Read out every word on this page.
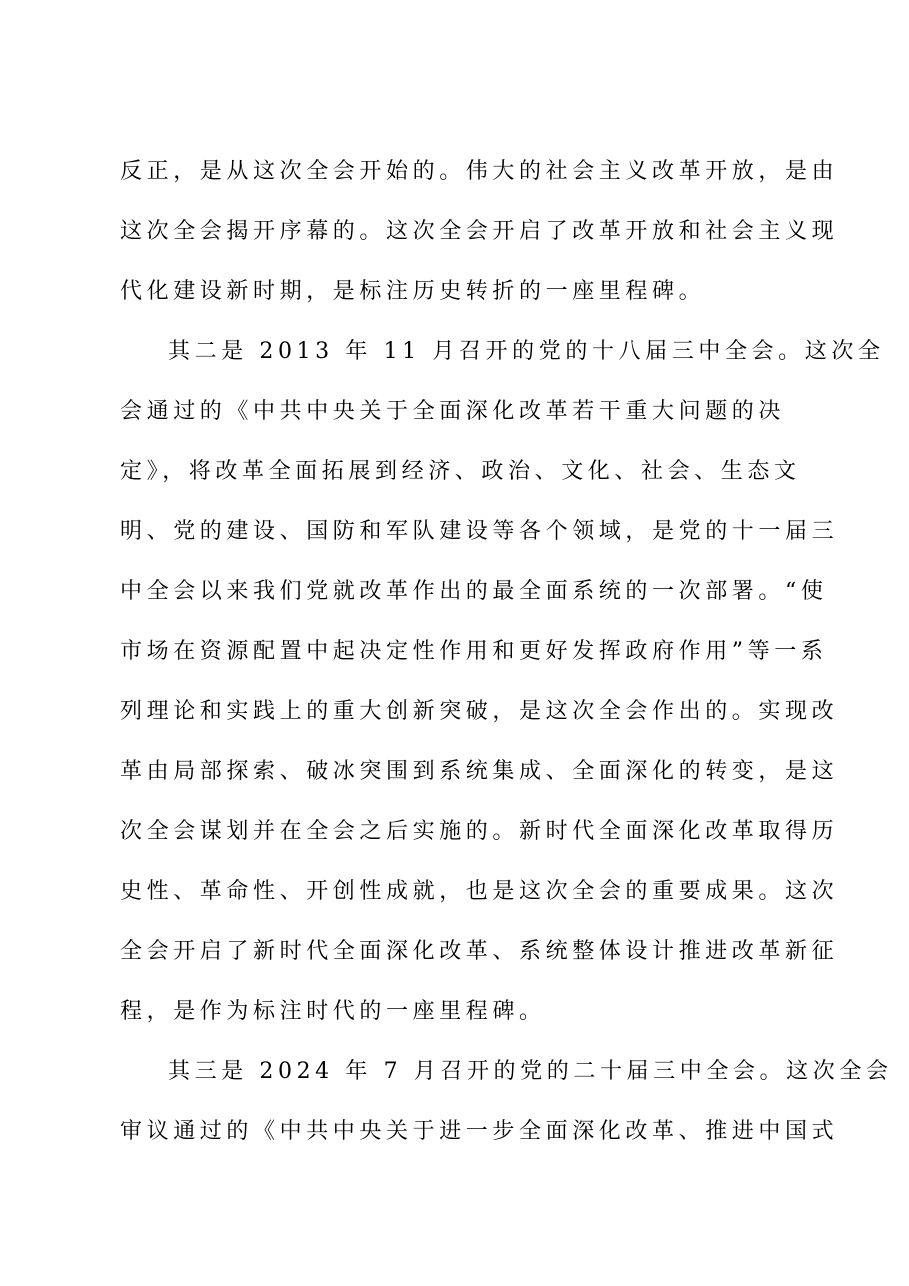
反正，是从这次全会开始的。伟大的社会主义改革开放，是由
这次全会揭开序幕的。这次全会开启了改革开放和社会主义现
代化建设新时期，是标注历史转折的一座里程碑。
其二是 2013 年 11 月召开的党的十八届三中全会。这次全
会通过的《中共中央关于全面深化改革若干重大问题的决
定》，将改革全面拓展到经济、政治、文化、社会、生态文
明、党的建设、国防和军队建设等各个领域，是党的十一届三
中全会以来我们党就改革作出的最全面系统的一次部署。“使
市场在资源配置中起决定性作用和更好发挥政府作用”等一系
列理论和实践上的重大创新突破，是这次全会作出的。实现改
革由局部探索、破冰突围到系统集成、全面深化的转变，是这
次全会谋划并在全会之后实施的。新时代全面深化改革取得历
史性、革命性、开创性成就，也是这次全会的重要成果。这次
全会开启了新时代全面深化改革、系统整体设计推进改革新征
程，是作为标注时代的一座里程碑。
其三是 2024 年 7 月召开的党的二十届三中全会。这次全会
审议通过的《中共中央关于进一步全面深化改革、推进中国式
